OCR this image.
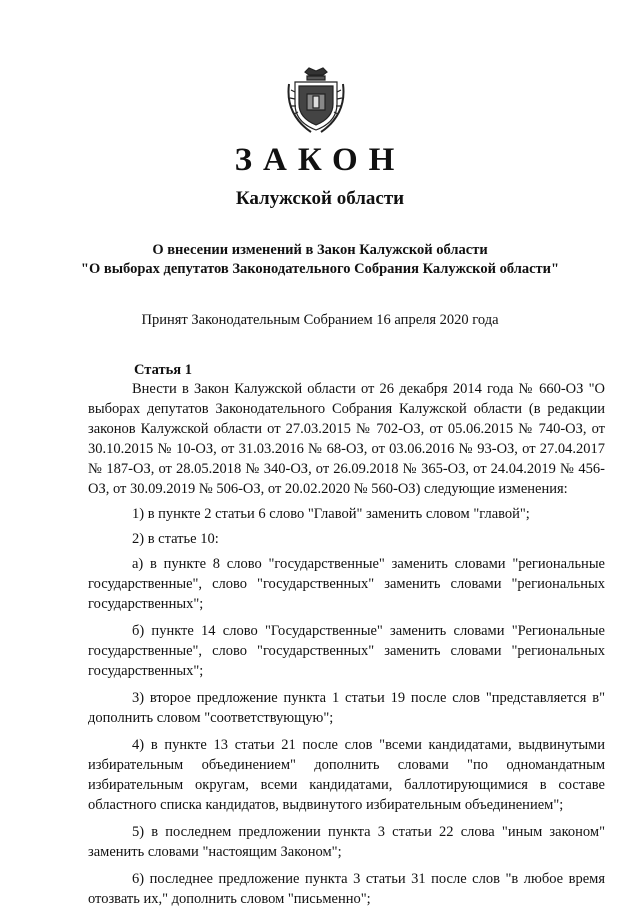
ЗАКОН
Калужской области
О внесении изменений в Закон Калужской области
"О выборах депутатов Законодательного Собрания Калужской области"
Принят Законодательным Собранием 16 апреля 2020 года
Статья 1

Внести в Закон Калужской области от 26 декабря 2014 года № 660-ОЗ "О выборах депутатов Законодательного Собрания Калужской области (в редакции законов Калужской области от 27.03.2015 № 702-ОЗ, от 05.06.2015 № 740-ОЗ, от 30.10.2015 № 10-ОЗ, от 31.03.2016 № 68-ОЗ, от 03.06.2016 № 93-ОЗ, от 27.04.2017 № 187-ОЗ, от 28.05.2018 № 340-ОЗ, от 26.09.2018 № 365-ОЗ, от 24.04.2019 № 456-ОЗ, от 30.09.2019 № 506-ОЗ, от 20.02.2020 № 560-ОЗ) следующие изменения:

1) в пункте 2 статьи 6 слово "Главой" заменить словом "главой";

2) в статье 10:

а) в пункте 8 слово "государственные" заменить словами "региональные государственные", слово "государственных" заменить словами "региональных государственных";

б) пункте 14 слово "Государственные" заменить словами "Региональные государственные", слово "государственных" заменить словами "региональных государственных";

3) второе предложение пункта 1 статьи 19 после слов "представляется в" дополнить словом "соответствующую";

4) в пункте 13 статьи 21 после слов "всеми кандидатами, выдвинутыми избирательным объединением" дополнить словами "по одномандатным избирательным округам, всеми кандидатами, баллотирующимися в составе областного списка кандидатов, выдвинутого избирательным объединением";

5) в последнем предложении пункта 3 статьи 22 слова "иным законом" заменить словами "настоящим Законом";

6) последнее предложение пункта 3 статьи 31 после слов "в любое время отозвать их," дополнить словом "письменно";
